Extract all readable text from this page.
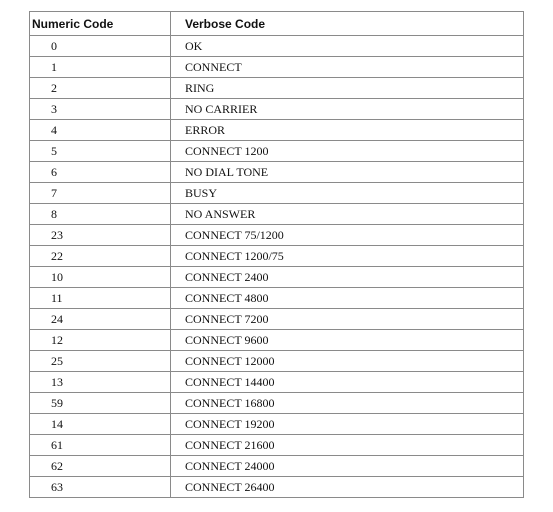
Numeric Code	Verbose Code
0	OK
1	CONNECT
2	RING
3	NO CARRIER
4	ERROR
5	CONNECT 1200
6	NO DIAL TONE
7	BUSY
8	NO ANSWER
23	CONNECT 75/1200
22	CONNECT 1200/75
10	CONNECT 2400
11	CONNECT 4800
24	CONNECT 7200
12	CONNECT 9600
25	CONNECT 12000
13	CONNECT 14400
59	CONNECT 16800
14	CONNECT 19200
61	CONNECT 21600
62	CONNECT 24000
63	CONNECT 26400
